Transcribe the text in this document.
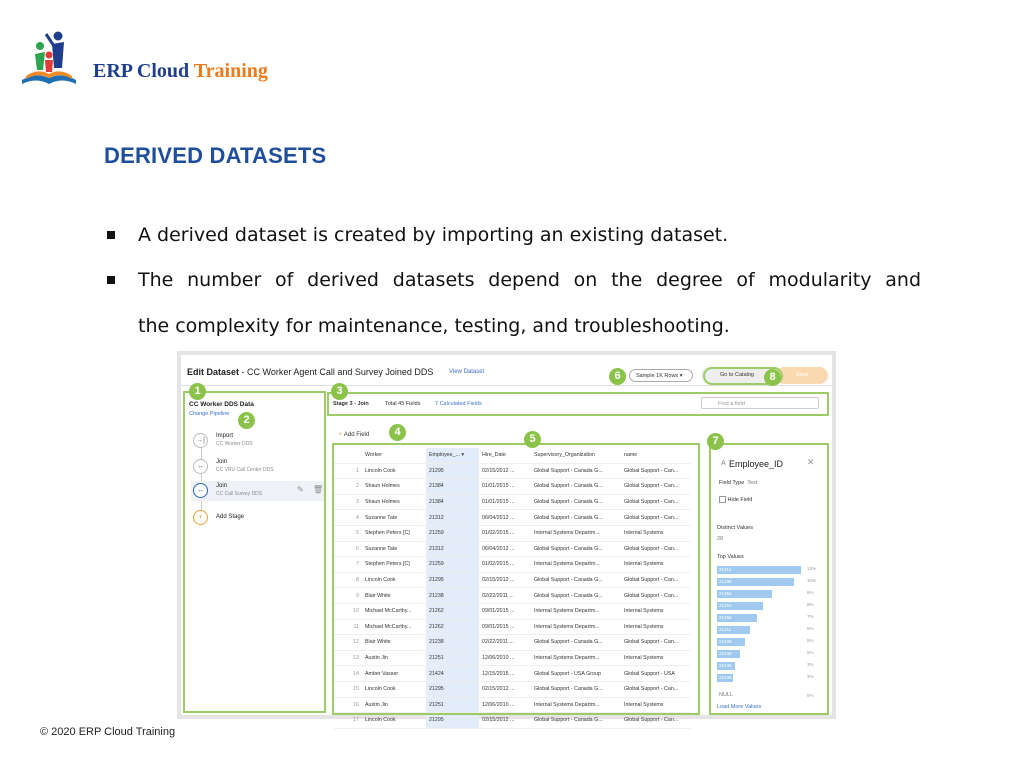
ERP Cloud Training
DERIVED DATASETS
A derived dataset is created by importing an existing dataset.
The number of derived datasets depend on the degree of modularity and
the complexity for maintenance, testing, and troubleshooting.
Edit Dataset - CC Worker Agent Call and Survey Joined DDS	View Dataset
Sample 1K Rows ▾	Go to Catalog	Save
Stage 3 - Join	Total 45 Fields	7 Calculated Fields	Find a field
CC Worker DDS Data
Change Pipeline
→|
Import
CC Worker DDS
↔
Join
CC VRU Call Center DDS
↔
Join
CC Call Survey DDS	✎ 🗑
+	Add Stage
+ Add Field
	Worker	Employee_... ▾	Hire_Date	Supervisory_Organization	name
1	Lincoln Cook	21295	02/15/2012 ...	Global Support - Canada G...	Global Support - Can...
2	Shaun Holmes	21384	01/01/2015 ...	Global Support - Canada G...	Global Support - Can...
3	Shaun Holmes	21384	01/01/2015 ...	Global Support - Canada G...	Global Support - Can...
4	Suzanne Tate	21312	06/04/2012 ...	Global Support - Canada G...	Global Support - Can...
5	Stephen Peters [C]	21259	01/02/2015 ...	Internal Systems Departm...	Internal Systems
6	Suzanne Tate	21312	06/04/2012 ...	Global Support - Canada G...	Global Support - Can...
7	Stephen Peters [C]	21259	01/02/2015 ...	Internal Systems Departm...	Internal Systems
8	Lincoln Cook	21295	02/15/2012 ...	Global Support - Canada G...	Global Support - Can...
9	Blair White	21238	02/22/2011 ...	Global Support - Canada G...	Global Support - Can...
10	Michael McCarthy...	21262	09/01/2015 ...	Internal Systems Departm...	Internal Systems
11	Michael McCarthy...	21262	09/01/2015 ...	Internal Systems Departm...	Internal Systems
12	Blair White	21238	02/22/2011 ...	Global Support - Canada G...	Global Support - Can...
13	Austin Jin	21251	12/06/2010 ...	Internal Systems Departm...	Internal Systems
14	Amber Vasser	21424	12/15/2015 ...	Global Support - USA Group	Global Support - USA
15	Lincoln Cook	21295	02/15/2012 ...	Global Support - Canada G...	Global Support - Can...
16	Austin Jin	21251	12/06/2010 ...	Internal Systems Departm...	Internal Systems
17	Lincoln Cook	21295	02/15/2012 ...	Global Support - Canada G...	Global Support - Can...
A Employee_ID	✕
Field Type Text
Hide Field
Distinct Values
28
Top Values
21312	13%
21295	10%
21384	9%
21251	8%
21259	7%
21211	6%
21238	5%
21248	5%
21249	3%
21240	3%
NULL	0%
Load More Values
1
2
3
4
5
6
7
8
© 2020 ERP Cloud Training
